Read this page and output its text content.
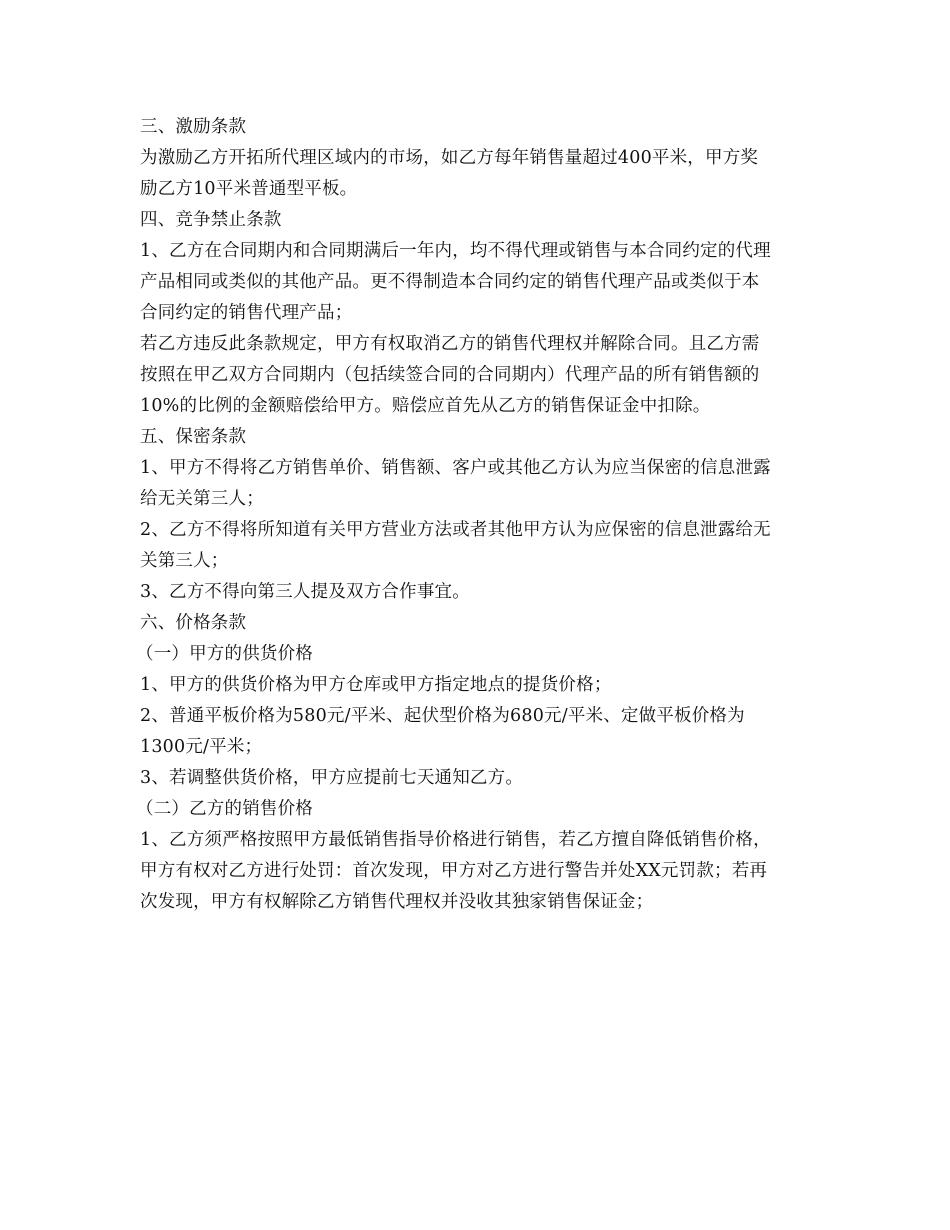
三、激励条款
为激励乙方开拓所代理区域内的市场，如乙方每年销售量超过400平米，甲方奖
励乙方10平米普通型平板。
四、竞争禁止条款
1、乙方在合同期内和合同期满后一年内，均不得代理或销售与本合同约定的代理
产品相同或类似的其他产品。更不得制造本合同约定的销售代理产品或类似于本
合同约定的销售代理产品；
若乙方违反此条款规定，甲方有权取消乙方的销售代理权并解除合同。且乙方需
按照在甲乙双方合同期内（包括续签合同的合同期内）代理产品的所有销售额的
10%的比例的金额赔偿给甲方。赔偿应首先从乙方的销售保证金中扣除。
五、保密条款
1、甲方不得将乙方销售单价、销售额、客户或其他乙方认为应当保密的信息泄露
给无关第三人；
2、乙方不得将所知道有关甲方营业方法或者其他甲方认为应保密的信息泄露给无
关第三人；
3、乙方不得向第三人提及双方合作事宜。
六、价格条款
（一）甲方的供货价格
1、甲方的供货价格为甲方仓库或甲方指定地点的提货价格；
2、普通平板价格为580元/平米、起伏型价格为680元/平米、定做平板价格为
1300元/平米；
3、若调整供货价格，甲方应提前七天通知乙方。
（二）乙方的销售价格
1、乙方须严格按照甲方最低销售指导价格进行销售，若乙方擅自降低销售价格，
甲方有权对乙方进行处罚：首次发现，甲方对乙方进行警告并处XX元罚款；若再
次发现，甲方有权解除乙方销售代理权并没收其独家销售保证金；
